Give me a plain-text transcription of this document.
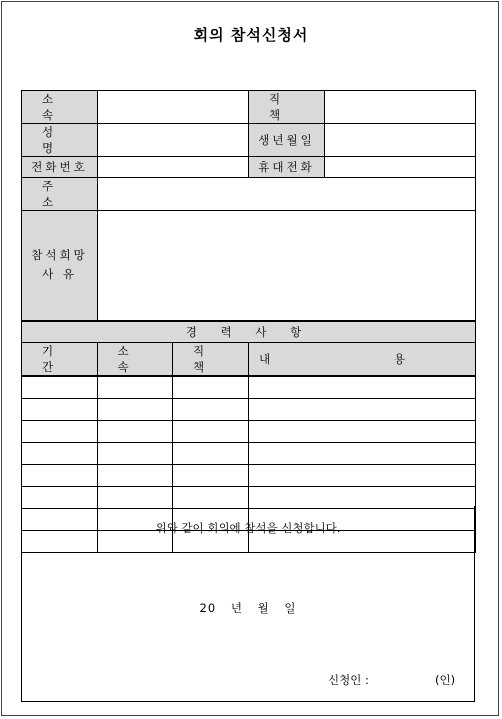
회의 참석신청서
소 속			직 책	
성 명			생년월일	
전화번호			휴대전화	
주 소				

참석희망
사 유				

경 력 사 항				
기 간	소 속	직 책	내 용	

위와 같이 회의에 참석을 신청합니다.
20 년 월 일
신청인 :	(인)
